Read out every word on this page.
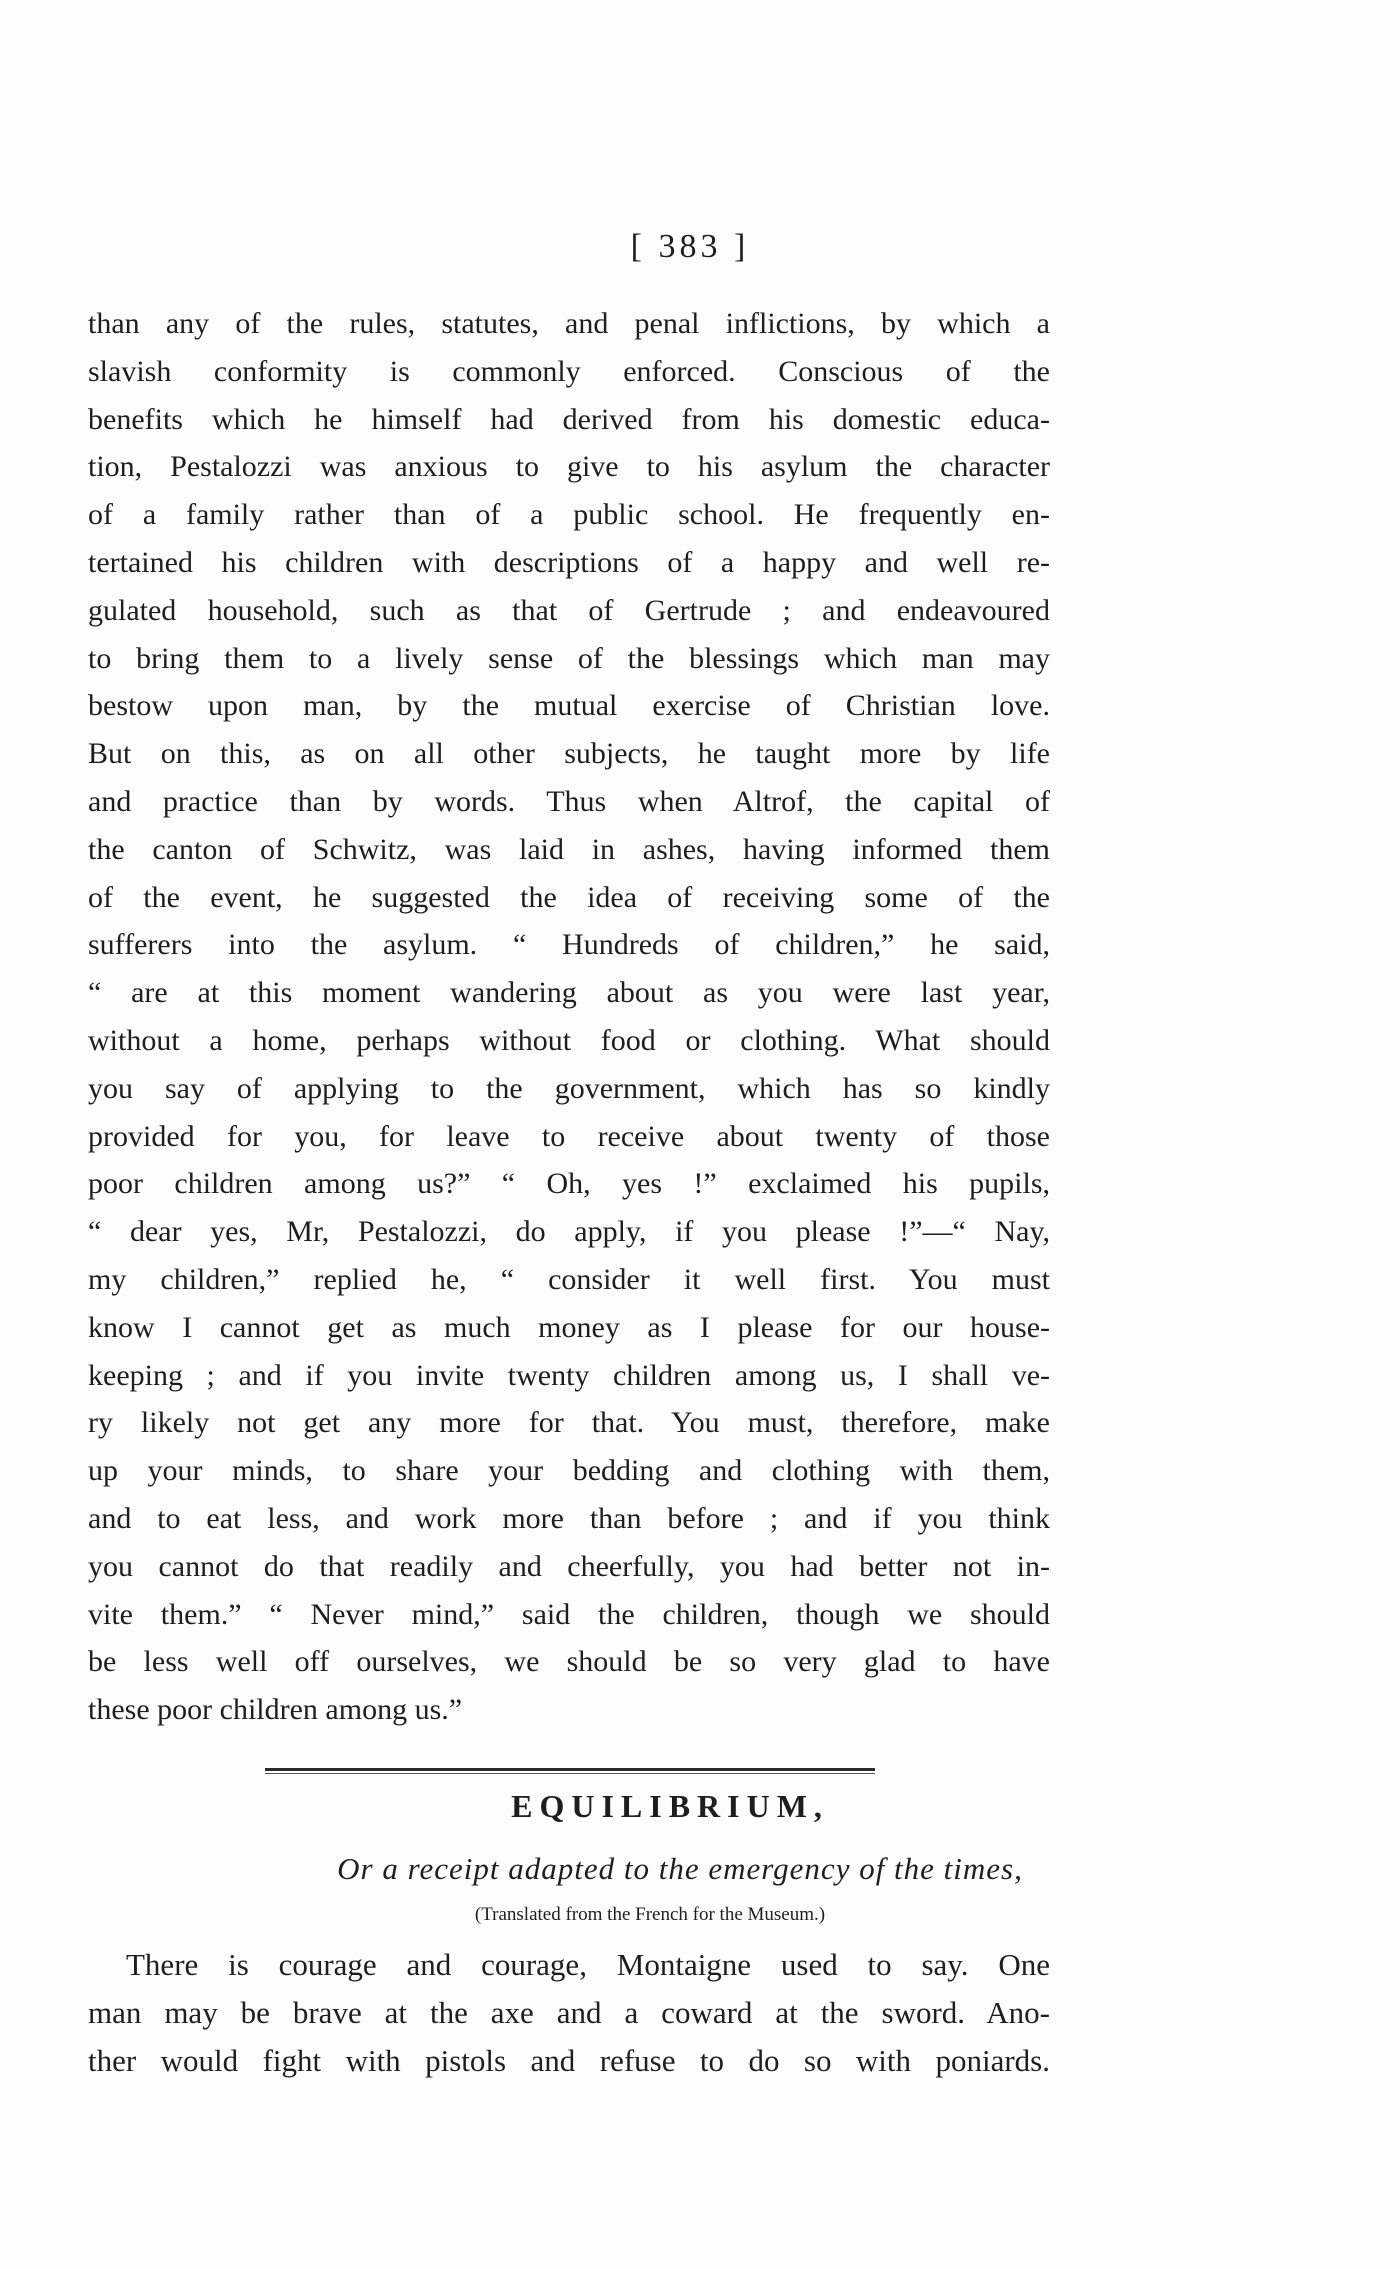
[ 383 ]
than any of the rules, statutes, and penal inflictions, by which a
slavish conformity is commonly enforced. Conscious of the
benefits which he himself had derived from his domestic educa-
tion, Pestalozzi was anxious to give to his asylum the character
of a family rather than of a public school. He frequently en-
tertained his children with descriptions of a happy and well re-
gulated household, such as that of Gertrude ; and endeavoured
to bring them to a lively sense of the blessings which man may
bestow upon man, by the mutual exercise of Christian love.
But on this, as on all other subjects, he taught more by life
and practice than by words. Thus when Altrof, the capital of
the canton of Schwitz, was laid in ashes, having informed them
of the event, he suggested the idea of receiving some of the
sufferers into the asylum. “ Hundreds of children,” he said,
“ are at this moment wandering about as you were last year,
without a home, perhaps without food or clothing. What should
you say of applying to the government, which has so kindly
provided for you, for leave to receive about twenty of those
poor children among us?” “ Oh, yes !” exclaimed his pupils,
“ dear yes, Mr, Pestalozzi, do apply, if you please !”—“ Nay,
my children,” replied he, “ consider it well first. You must
know I cannot get as much money as I please for our house-
keeping ; and if you invite twenty children among us, I shall ve-
ry likely not get any more for that. You must, therefore, make
up your minds, to share your bedding and clothing with them,
and to eat less, and work more than before ; and if you think
you cannot do that readily and cheerfully, you had better not in-
vite them.” “ Never mind,” said the children, though we should
be less well off ourselves, we should be so very glad to have
these poor children among us.”
EQUILIBRIUM,
Or a receipt adapted to the emergency of the times,
(Translated from the French for the Museum.)
There is courage and courage, Montaigne used to say. One
man may be brave at the axe and a coward at the sword. Ano-
ther would fight with pistols and refuse to do so with poniards.
